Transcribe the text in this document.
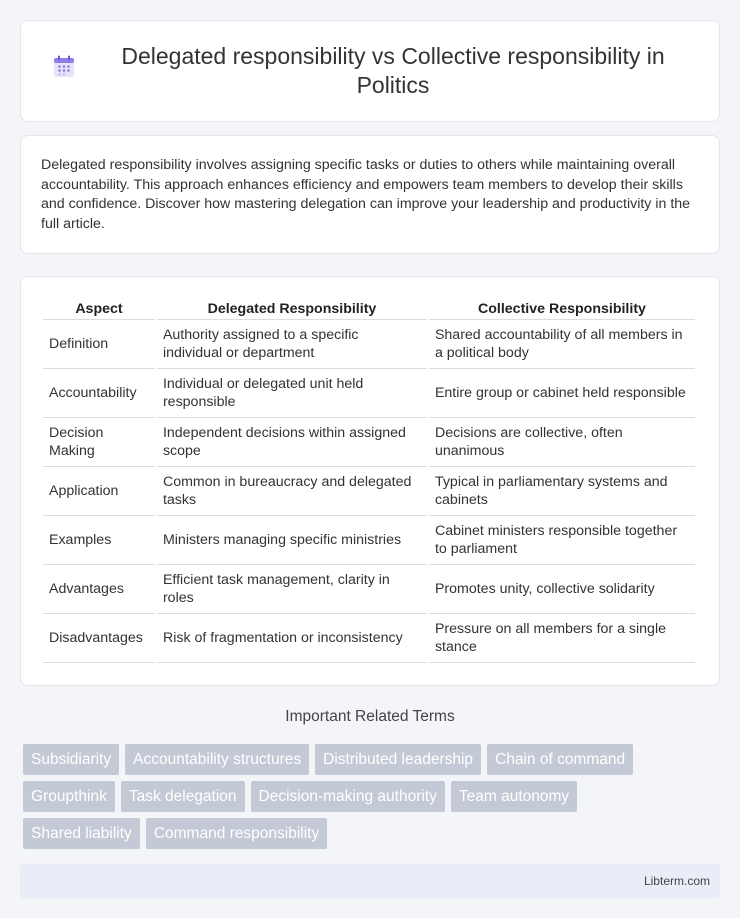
Delegated responsibility vs Collective responsibility in Politics

Delegated responsibility involves assigning specific tasks or duties to others while maintaining overall accountability. This approach enhances efficiency and empowers team members to develop their skills and confidence. Discover how mastering delegation can improve your leadership and productivity in the full article.

Aspect	Delegated Responsibility	Collective Responsibility
Definition	Authority assigned to a specific individual or department	Shared accountability of all members in a political body
Accountability	Individual or delegated unit held responsible	Entire group or cabinet held responsible
Decision Making	Independent decisions within assigned scope	Decisions are collective, often unanimous
Application	Common in bureaucracy and delegated tasks	Typical in parliamentary systems and cabinets
Examples	Ministers managing specific ministries	Cabinet ministers responsible together to parliament
Advantages	Efficient task management, clarity in roles	Promotes unity, collective solidarity
Disadvantages	Risk of fragmentation or inconsistency	Pressure on all members for a single stance
Important Related Terms
Subsidiarity	Accountability structures	Distributed leadership	Chain of command
Groupthink	Task delegation	Decision-making authority	Team autonomy
Shared liability	Command responsibility
Libterm.com
